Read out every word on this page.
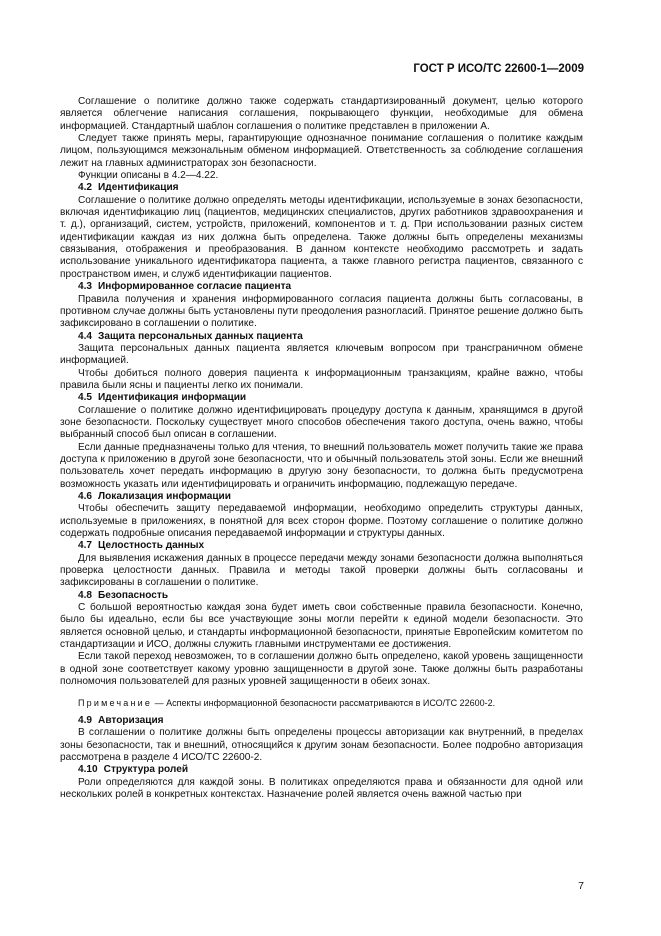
ГОСТ Р ИСО/ТС 22600-1—2009

Соглашение о политике должно также содержать стандартизированный документ, целью которого является облегчение написания соглашения, покрывающего функции, необходимые для обмена информацией. Стандартный шаблон соглашения о политике представлен в приложении А.

Следует также принять меры, гарантирующие однозначное понимание соглашения о политике каждым лицом, пользующимся межзональным обменом информацией. Ответственность за соблюдение соглашения лежит на главных администраторах зон безопасности.

Функции описаны в 4.2—4.22.

4.2 Идентификация

Соглашение о политике должно определять методы идентификации, используемые в зонах безопасности, включая идентификацию лиц (пациентов, медицинских специалистов, других работников здравоохранения и т. д.), организаций, систем, устройств, приложений, компонентов и т. д. При использовании разных систем идентификации каждая из них должна быть определена. Также должны быть определены механизмы связывания, отображения и преобразования. В данном контексте необходимо рассмотреть и задать использование уникального идентификатора пациента, а также главного регистра пациентов, связанного с пространством имен, и служб идентификации пациентов.

4.3 Информированное согласие пациента

Правила получения и хранения информированного согласия пациента должны быть согласованы, в противном случае должны быть установлены пути преодоления разногласий. Принятое решение должно быть зафиксировано в соглашении о политике.

4.4 Защита персональных данных пациента

Защита персональных данных пациента является ключевым вопросом при трансграничном обмене информацией.

Чтобы добиться полного доверия пациента к информационным транзакциям, крайне важно, чтобы правила были ясны и пациенты легко их понимали.

4.5 Идентификация информации

Соглашение о политике должно идентифицировать процедуру доступа к данным, хранящимся в другой зоне безопасности. Поскольку существует много способов обеспечения такого доступа, очень важно, чтобы выбранный способ был описан в соглашении.

Если данные предназначены только для чтения, то внешний пользователь может получить такие же права доступа к приложению в другой зоне безопасности, что и обычный пользователь этой зоны. Если же внешний пользователь хочет передать информацию в другую зону безопасности, то должна быть предусмотрена возможность указать или идентифицировать и ограничить информацию, подлежащую передаче.

4.6 Локализация информации

Чтобы обеспечить защиту передаваемой информации, необходимо определить структуры данных, используемые в приложениях, в понятной для всех сторон форме. Поэтому соглашение о политике должно содержать подробные описания передаваемой информации и структуры данных.

4.7 Целостность данных

Для выявления искажения данных в процессе передачи между зонами безопасности должна выполняться проверка целостности данных. Правила и методы такой проверки должны быть согласованы и зафиксированы в соглашении о политике.

4.8 Безопасность

С большой вероятностью каждая зона будет иметь свои собственные правила безопасности. Конечно, было бы идеально, если бы все участвующие зоны могли перейти к единой модели безопасности. Это является основной целью, и стандарты информационной безопасности, принятые Европейским комитетом по стандартизации и ИСО, должны служить главными инструментами ее достижения.

Если такой переход невозможен, то в соглашении должно быть определено, какой уровень защищенности в одной зоне соответствует какому уровню защищенности в другой зоне. Также должны быть разработаны полномочия пользователей для разных уровней защищенности в обеих зонах.

Примечание — Аспекты информационной безопасности рассматриваются в ИСО/ТС 22600-2.

4.9 Авторизация

В соглашении о политике должны быть определены процессы авторизации как внутренний, в пределах зоны безопасности, так и внешний, относящийся к другим зонам безопасности. Более подробно авторизация рассмотрена в разделе 4 ИСО/ТС 22600-2.

4.10 Структура ролей

Роли определяются для каждой зоны. В политиках определяются права и обязанности для одной или нескольких ролей в конкретных контекстах. Назначение ролей является очень важной частью при

7
